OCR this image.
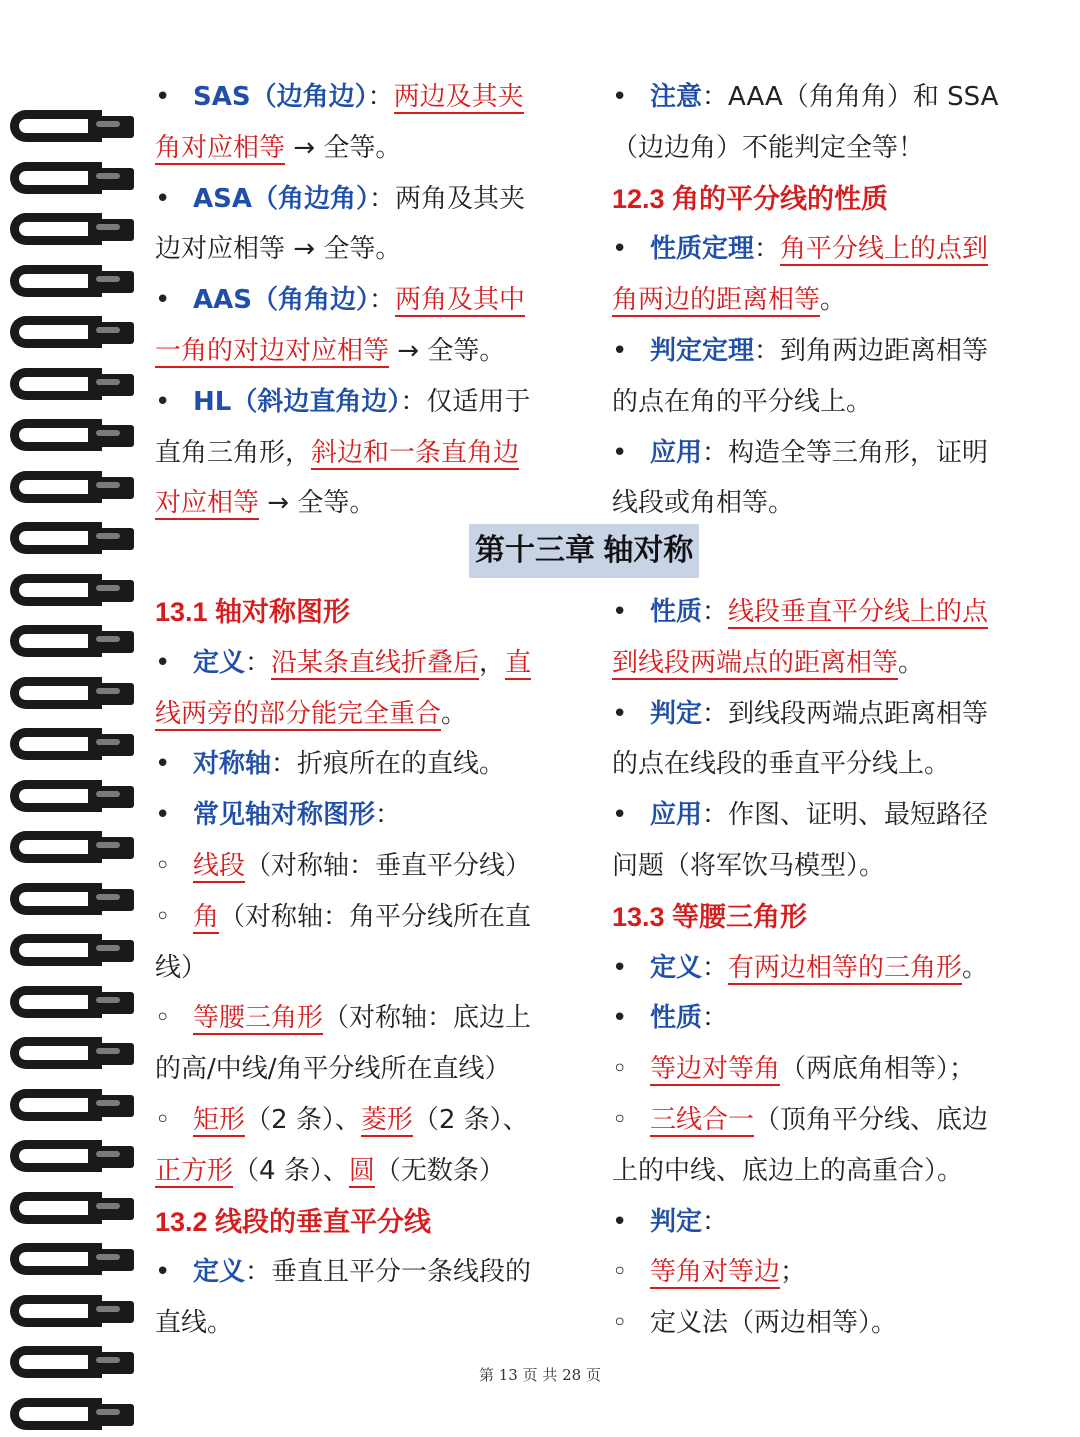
• SAS（边角边）：两边及其夹
角对应相等 → 全等。
• ASA（角边角）：两角及其夹
边对应相等 → 全等。
• AAS（角角边）：两角及其中
一角的对边对应相等 → 全等。
• HL（斜边直角边）：仅适用于
直角三角形，斜边和一条直角边
对应相等 → 全等。
• 注意：AAA（角角角）和 SSA
（边边角）不能判定全等！
12.3 角的平分线的性质
• 性质定理：角平分线上的点到
角两边的距离相等。
• 判定定理：到角两边距离相等
的点在角的平分线上。
• 应用：构造全等三角形，证明
线段或角相等。
第十三章 轴对称
13.1 轴对称图形
• 定义：沿某条直线折叠后，直
线两旁的部分能完全重合。
• 对称轴：折痕所在的直线。
• 常见轴对称图形：
◦ 线段（对称轴：垂直平分线）
◦ 角（对称轴：角平分线所在直
线）
◦ 等腰三角形（对称轴：底边上
的高/中线/角平分线所在直线）
◦ 矩形（2 条）、菱形（2 条）、
正方形（4 条）、圆（无数条）
13.2 线段的垂直平分线
• 定义：垂直且平分一条线段的
直线。
• 性质：线段垂直平分线上的点
到线段两端点的距离相等。
• 判定：到线段两端点距离相等
的点在线段的垂直平分线上。
• 应用：作图、证明、最短路径
问题（将军饮马模型）。
13.3 等腰三角形
• 定义：有两边相等的三角形。
• 性质：
◦ 等边对等角（两底角相等）；
◦ 三线合一（顶角平分线、底边
上的中线、底边上的高重合）。
• 判定：
◦ 等角对等边；
◦ 定义法（两边相等）。
第 13 页 共 28 页
